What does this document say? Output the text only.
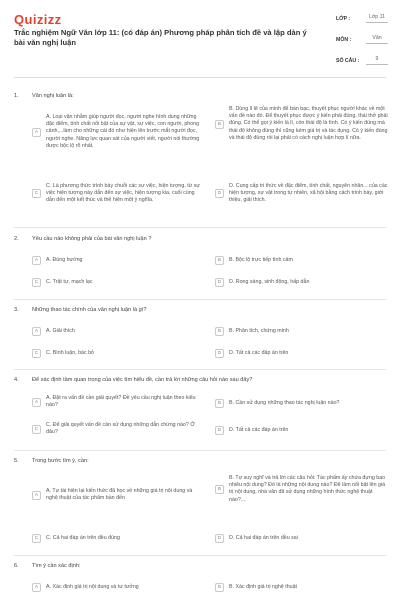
Quizizz
Trắc nghiệm Ngữ Văn lớp 11: (có đáp án) Phương pháp phân tích đề và lập dàn ý bài văn nghị luận
LỚP :	Lớp 11
MÔN :	Văn
SỐ CÂU :	9
1. Văn nghị luận là:
A
A. Loại văn nhằm giúp người đọc, người nghe hình dung những đặc điểm, tính chất nổi bật của sự vật, sự việc, con người, phong cảnh,...làm cho những cái đó như hiện lên trước mắt người đọc, người nghe. Năng lực quan sát của người viết, người nói thường được bộc lộ rõ nhất.
B
B. Dùng lí lẽ của mình để bàn bạc, thuyết phục người khác về một vấn đề nào đó. Để thuyết phục được ý kiến phải đúng, thái thở phải đúng. Có thể gọi ý kiến là lí, còn thái độ là tình. Có ý kiến đúng mà thái độ không đúng thì cũng kém giá trị và tác dụng. Có ý kiến đúng và thái độ đúng rồi lại phải có cách nghị luận hợp lí nữa.
C
C. Là phương thức trình bày chuỗi các sự việc, hiện tượng, từ sự việc hiện tượng này dẫn đến sự việc, hiện tượng kia, cuối cùng dẫn đến một kết thúc và thể hiện một ý nghĩa.
D
D. Cung cấp tri thức về đặc điểm, tính chất, nguyên nhân... của các hiện tượng, sự vật trong tự nhiên, xã hội bằng cách trình bày, giới thiệu, giải thích.
2. Yêu cầu nào không phải của bài văn nghị luận ?
A	A. Đúng hướng	B	B. Bộc lộ trực tiếp tình cảm
C	C. Trật tự, mạch lạc	D	D. Rong sáng, sinh động, hấp dẫn
3. Những thao tác chính của văn nghị luận là gì?
A	A. Giải thích	B	B. Phân tích, chứng minh
C	C. Bình luận, bác bỏ	D	D. Tất cả các đáp án trên
4. Để xác định tầm quan trọng của việc tìm hiểu đề, cần trả lời những câu hỏi nào sau đây?
A
A. Đặt ra vấn đề cần giải quyết? Đề yêu cầu nghị luận theo kiểu nào?	B	B. Cần sử dụng những thao tác nghị luận nào?
C
C. Để giải quyết vấn đề cần sử dụng những dẫn chứng nào? Ở đâu?	D	D. Tất cả các đáp án trên
5. Trong bước tìm ý, cần:
A
A. Tự tái hiện lại kiến thức đã học về những giá trị nội dung và nghệ thuật của tác phẩm bàn đến
B
B. Tự suy nghĩ và trả lời các câu hỏi: Tác phẩm ấy chứa đựng bao nhiêu nội dung? Đó là những nội dung nào? Để làm nổi bật lên giá trị nội dung, nhà văn đã sử dụng những hình thức nghệ thuật nào?...
C	C. Cả hai đáp án trên đều đúng	D	D. Cả hai đáp án trên đều sai
6. Tìm ý cần xác định:
A	A. Xác định giá trị nội dung và tư tưởng	B	B. Xác định giá trị nghệ thuật
